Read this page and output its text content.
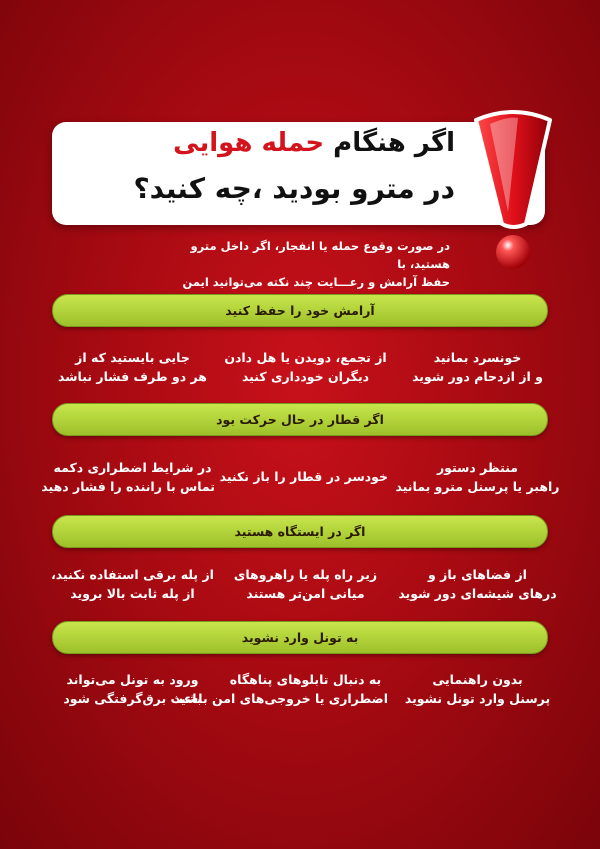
اگر هنگام حمله هوایی
در مترو بودید ،چه کنید؟
در صورت وقوع حمله یا انفجار، اگر داخل مترو هستید، با
حفظ آرامش و رعـــایت چند نکته می‌توانید ایمن
آرامش خود را حفظ کنید
خونسرد بمانید
و از ازدحام دور شوید
از تجمع، دویدن یا هل دادن
دیگران خودداری کنید
جایی بایستید که از
هر دو طرف فشار نباشد
اگر قطار در حال حرکت بود
منتظر دستور
راهبر یا پرسنل مترو بمانید
خودسر در قطار را باز نکنید
در شرایط اضطراری دکمه
تماس با راننده را فشار دهید
اگر در ایستگاه هستید
از فضاهای باز و
درهای شیشه‌ای دور شوید
زیر راه پله یا راهروهای
میانی امن‌تر هستند
از پله برقی استفاده نکنید،
از پله ثابت بالا بروید
به تونل وارد نشوید
بدون راهنمایی
پرسنل وارد تونل نشوید
به دنبال تابلوهای پناهگاه
اضطراری یا خروجی‌های امن باشید
ورود به تونل می‌تواند
باعث برق‌گرفتگی شود
